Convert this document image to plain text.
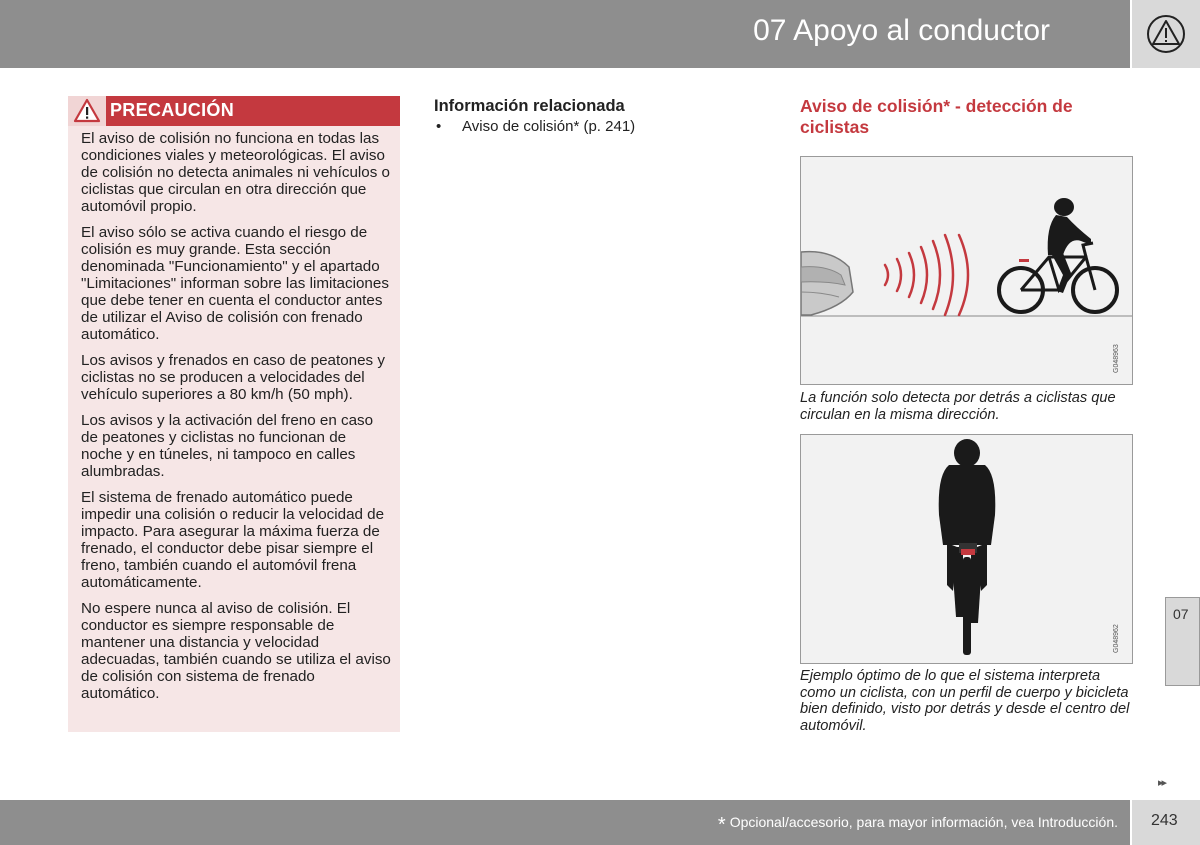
07 Apoyo al conductor
PRECAUCIÓN

El aviso de colisión no funciona en todas las condiciones viales y meteorológicas. El aviso de colisión no detecta animales ni vehículos o ciclistas que circulan en otra dirección que automóvil propio.

El aviso sólo se activa cuando el riesgo de colisión es muy grande. Esta sección denominada "Funcionamiento" y el apartado "Limitaciones" informan sobre las limitaciones que debe tener en cuenta el conductor antes de utilizar el Aviso de colisión con frenado automático.

Los avisos y frenados en caso de peatones y ciclistas no se producen a velocidades del vehículo superiores a 80 km/h (50 mph).

Los avisos y la activación del freno en caso de peatones y ciclistas no funcionan de noche y en túneles, ni tampoco en calles alumbradas.

El sistema de frenado automático puede impedir una colisión o reducir la velocidad de impacto. Para asegurar la máxima fuerza de frenado, el conductor debe pisar siempre el freno, también cuando el automóvil frena automáticamente.

No espere nunca al aviso de colisión. El conductor es siempre responsable de mantener una distancia y velocidad adecuadas, también cuando se utiliza el aviso de colisión con sistema de frenado automático.

Información relacionada
• Aviso de colisión* (p. 241)
Aviso de colisión* - detección de ciclistas
G048963
La función solo detecta por detrás a ciclistas que circulan en la misma dirección.
G048962
Ejemplo óptimo de lo que el sistema interpreta como un ciclista, con un perfil de cuerpo y bicicleta bien definido, visto por detrás y desde el centro del automóvil.
07
▸▸
* Opcional/accesorio, para mayor información, vea Introducción. 243
